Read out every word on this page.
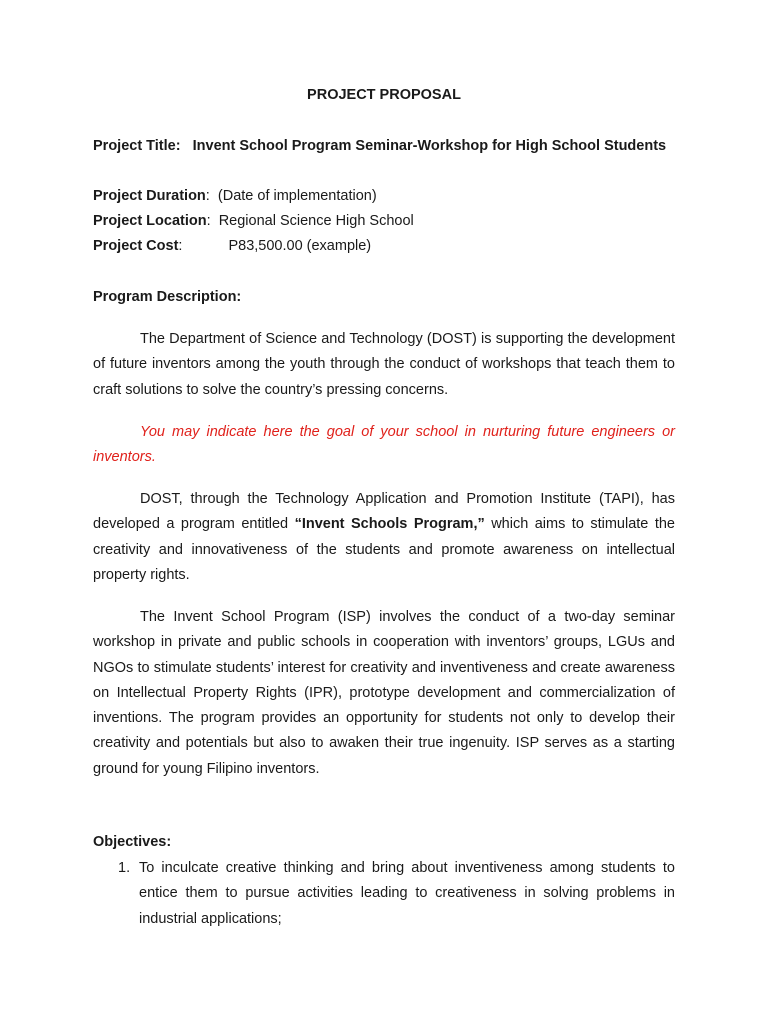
PROJECT PROPOSAL
Project Title: Invent School Program Seminar-Workshop for High School Students
Project Duration:  (Date of implementation)
Project Location:  Regional Science High School
Project Cost:	P83,500.00 (example)
Program Description:
The Department of Science and Technology (DOST) is supporting the development of future inventors among the youth through the conduct of workshops that teach them to craft solutions to solve the country’s pressing concerns.
You may indicate here the goal of your school in nurturing future engineers or inventors.
DOST, through the Technology Application and Promotion Institute (TAPI), has developed a program entitled “Invent Schools Program,” which aims to stimulate the creativity and innovativeness of the students and promote awareness on intellectual property rights.
The Invent School Program (ISP) involves the conduct of a two-day seminar workshop in private and public schools in cooperation with inventors’ groups, LGUs and NGOs to stimulate students’ interest for creativity and inventiveness and create awareness on Intellectual Property Rights (IPR), prototype development and commercialization of inventions. The program provides an opportunity for students not only to develop their creativity and potentials but also to awaken their true ingenuity. ISP serves as a starting ground for young Filipino inventors.
Objectives:
1. To inculcate creative thinking and bring about inventiveness among students to entice them to pursue activities leading to creativeness in solving problems in industrial applications;
